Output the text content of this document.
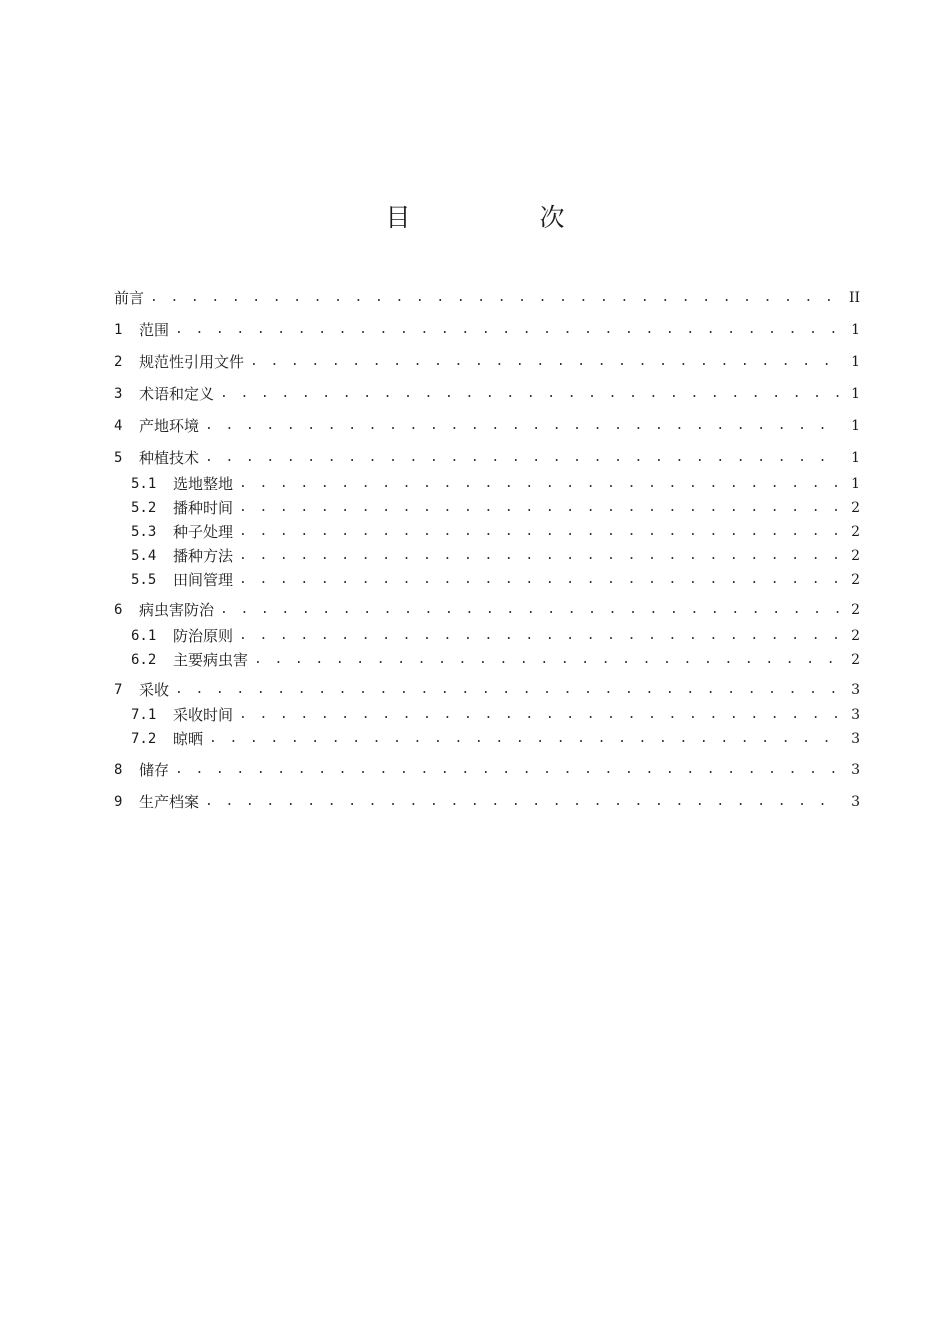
目　次
前言 . . .	II
1	范围 . . .	1
2	规范性引用文件 . . .	1
3	术语和定义 . . .	1
4	产地环境 . . .	1
5	种植技术 . . .	1
5.1	选地整地 . . .	1
5.2	播种时间 . . .	2
5.3	种子处理 . . .	2
5.4	播种方法 . . .	2
5.5	田间管理 . . .	2
6	病虫害防治 . . .	2
6.1	防治原则 . . .	2
6.2	主要病虫害 . . .	2
7	采收 . . .	3
7.1	采收时间 . . .	3
7.2	晾晒 . . .	3
8	储存 . . .	3
9	生产档案 . . .	3
